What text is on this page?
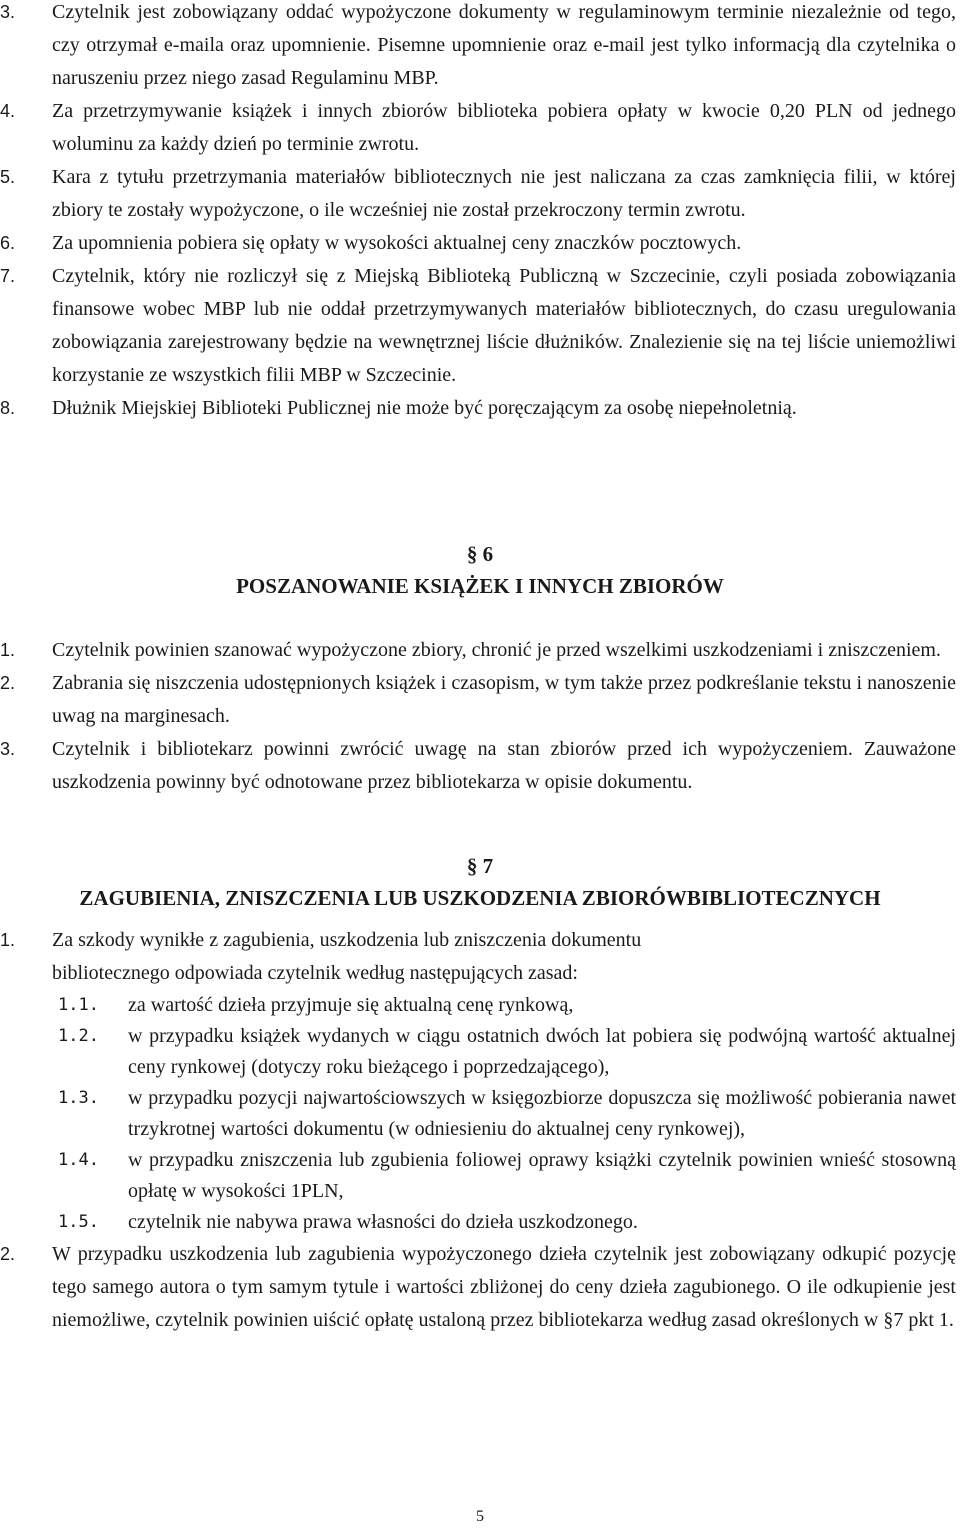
3. Czytelnik jest zobowiązany oddać wypożyczone dokumenty w regulaminowym terminie niezależnie od tego, czy otrzymał e-maila oraz upomnienie. Pisemne upomnienie oraz e-mail jest tylko informacją dla czytelnika o naruszeniu przez niego zasad Regulaminu MBP.

4. Za przetrzymywanie książek i innych zbiorów biblioteka pobiera opłaty w kwocie 0,20 PLN od jednego woluminu za każdy dzień po terminie zwrotu.

5. Kara z tytułu przetrzymania materiałów bibliotecznych nie jest naliczana za czas zamknięcia filii, w której zbiory te zostały wypożyczone, o ile wcześniej nie został przekroczony termin zwrotu.

6. Za upomnienia pobiera się opłaty w wysokości aktualnej ceny znaczków pocztowych.

7. Czytelnik, który nie rozliczył się z Miejską Biblioteką Publiczną w Szczecinie, czyli posiada zobowiązania finansowe wobec MBP lub nie oddał przetrzymywanych materiałów bibliotecznych, do czasu uregulowania zobowiązania zarejestrowany będzie na wewnętrznej liście dłużników. Znalezienie się na tej liście uniemożliwi korzystanie ze wszystkich filii MBP w Szczecinie.

8. Dłużnik Miejskiej Biblioteki Publicznej nie może być poręczającym za osobę niepełnoletnią.

§ 6
POSZANOWANIE KSIĄŻEK I INNYCH ZBIORÓW

1. Czytelnik powinien szanować wypożyczone zbiory, chronić je przed wszelkimi uszkodzeniami i zniszczeniem.

2. Zabrania się niszczenia udostępnionych książek i czasopism, w tym także przez podkreślanie tekstu i nanoszenie uwag na marginesach.

3. Czytelnik i bibliotekarz powinni zwrócić uwagę na stan zbiorów przed ich wypożyczeniem. Zauważone uszkodzenia powinny być odnotowane przez bibliotekarza w opisie dokumentu.

§ 7
ZAGUBIENIA, ZNISZCZENIA LUB USZKODZENIA ZBIORÓWBIBLIOTECZNYCH

1. Za szkody wynikłe z zagubienia, uszkodzenia lub zniszczenia dokumentu bibliotecznego odpowiada czytelnik według następujących zasad:

1.1. za wartość dzieła przyjmuje się aktualną cenę rynkową,
1.2. w przypadku książek wydanych w ciągu ostatnich dwóch lat pobiera się podwójną wartość aktualnej ceny rynkowej (dotyczy roku bieżącego i poprzedzającego),
1.3. w przypadku pozycji najwartościowszych w księgozbiorze dopuszcza się możliwość pobierania nawet trzykrotnej wartości dokumentu (w odniesieniu do aktualnej ceny rynkowej),
1.4. w przypadku zniszczenia lub zgubienia foliowej oprawy książki czytelnik powinien wnieść stosowną opłatę w wysokości 1PLN,
1.5. czytelnik nie nabywa prawa własności do dzieła uszkodzonego.

2. W przypadku uszkodzenia lub zagubienia wypożyczonego dzieła czytelnik jest zobowiązany odkupić pozycję tego samego autora o tym samym tytule i wartości zbliżonej do ceny dzieła zagubionego. O ile odkupienie jest niemożliwe, czytelnik powinien uiścić opłatę ustaloną przez bibliotekarza według zasad określonych w §7 pkt 1.

5
